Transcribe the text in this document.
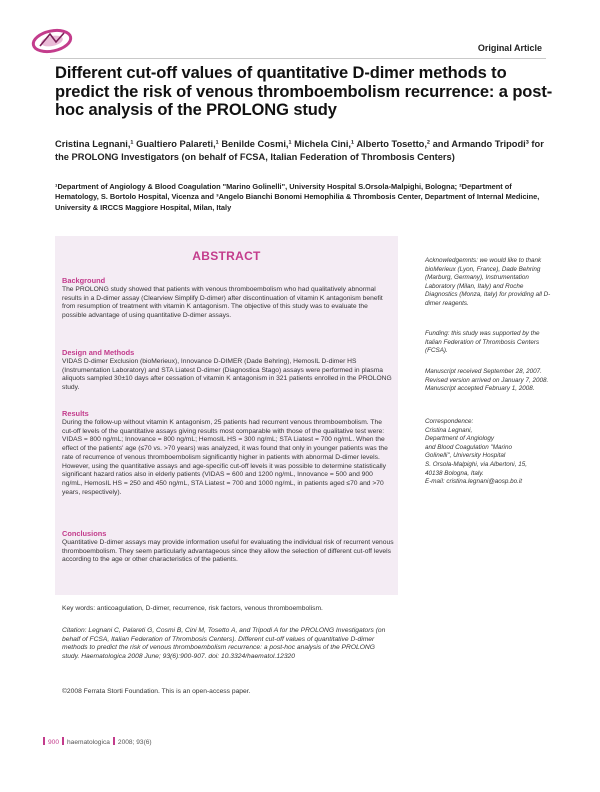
Original Article
Different cut-off values of quantitative D-dimer methods to predict the risk of venous thromboembolism recurrence: a post-hoc analysis of the PROLONG study

Cristina Legnani,¹ Gualtiero Palareti,¹ Benilde Cosmi,¹ Michela Cini,¹ Alberto Tosetto,² and Armando Tripodi³ for the PROLONG Investigators (on behalf of FCSA, Italian Federation of Thrombosis Centers)

¹Department of Angiology & Blood Coagulation "Marino Golinelli", University Hospital S.Orsola-Malpighi, Bologna; ²Department of Hematology, S. Bortolo Hospital, Vicenza and ³Angelo Bianchi Bonomi Hemophilia & Thrombosis Center, Department of Internal Medicine, University & IRCCS Maggiore Hospital, Milan, Italy

ABSTRACT

Background

The PROLONG study showed that patients with venous thromboembolism who had qualitatively abnormal results in a D-dimer assay (Clearview Simplify D-dimer) after discontinuation of vitamin K antagonism benefit from resumption of treatment with vitamin K antagonism. The objective of this study was to evaluate the possible advantage of using quantitative D-dimer assays.

Design and Methods

VIDAS D-dimer Exclusion (bioMerieux), Innovance D-DIMER (Dade Behring), HemosIL D-dimer HS (Instrumentation Laboratory) and STA Liatest D-dimer (Diagnostica Stago) assays were performed in plasma aliquots sampled 30±10 days after cessation of vitamin K antagonism in 321 patients enrolled in the PROLONG study.

Results

During the follow-up without vitamin K antagonism, 25 patients had recurrent venous thromboembolism. The cut-off levels of the quantitative assays giving results most comparable with those of the qualitative test were: VIDAS = 800 ng/mL; Innovance = 800 ng/mL; HemosIL HS = 300 ng/mL; STA Liatest = 700 ng/mL. When the effect of the patients' age (≤70 vs. >70 years) was analyzed, it was found that only in younger patients was the rate of recurrence of venous thromboembolism significantly higher in patients with abnormal D-dimer levels. However, using the quantitative assays and age-specific cut-off levels it was possible to determine statistically significant hazard ratios also in elderly patients (VIDAS = 600 and 1200 ng/mL, Innovance = 500 and 900 ng/mL, HemosIL HS = 250 and 450 ng/mL, STA Liatest = 700 and 1000 ng/mL, in patients aged ≤70 and >70 years, respectively).

Conclusions

Quantitative D-dimer assays may provide information useful for evaluating the individual risk of recurrent venous thromboembolism. They seem particularly advantageous since they allow the selection of different cut-off levels according to the age or other characteristics of the patients.

Key words: anticoagulation, D-dimer, recurrence, risk factors, venous thromboembolism.

Citation: Legnani C, Palareti G, Cosmi B, Cini M, Tosetto A, and Tripodi A for the PROLONG Investigators (on behalf of FCSA, Italian Federation of Thrombosis Centers). Different cut-off values of quantitative D-dimer methods to predict the risk of venous thromboembolism recurrence: a post-hoc analysis of the PROLONG study. Haematologica 2008 June; 93(6):900-907. doi: 10.3324/haematol.12320

©2008 Ferrata Storti Foundation. This is an open-access paper.

Acknowledgemnts: we would like to thank bioMerieux (Lyon, France), Dade Behring (Marburg, Germany), Instrumentation Laboratory (Milan, Italy) and Roche Diagnostics (Monza, Italy) for providing all D-dimer reagents.

Funding: this study was supported by the Italian Federation of Thrombosis Centers (FCSA).

Manuscript received September 28, 2007. Revised version arrived on January 7, 2008. Manuscript accepted February 1, 2008.

Correspondence:
Cristina Legnani,
Department of Angiology
and Blood Coagulation "Marino
Golinelli", University Hospital
S. Orsola-Malpighi, via Albertoni, 15,
40138 Bologna, Italy.
E-mail: cristina.legnani@aosp.bo.it
900 haematologica 2008; 93(6)
